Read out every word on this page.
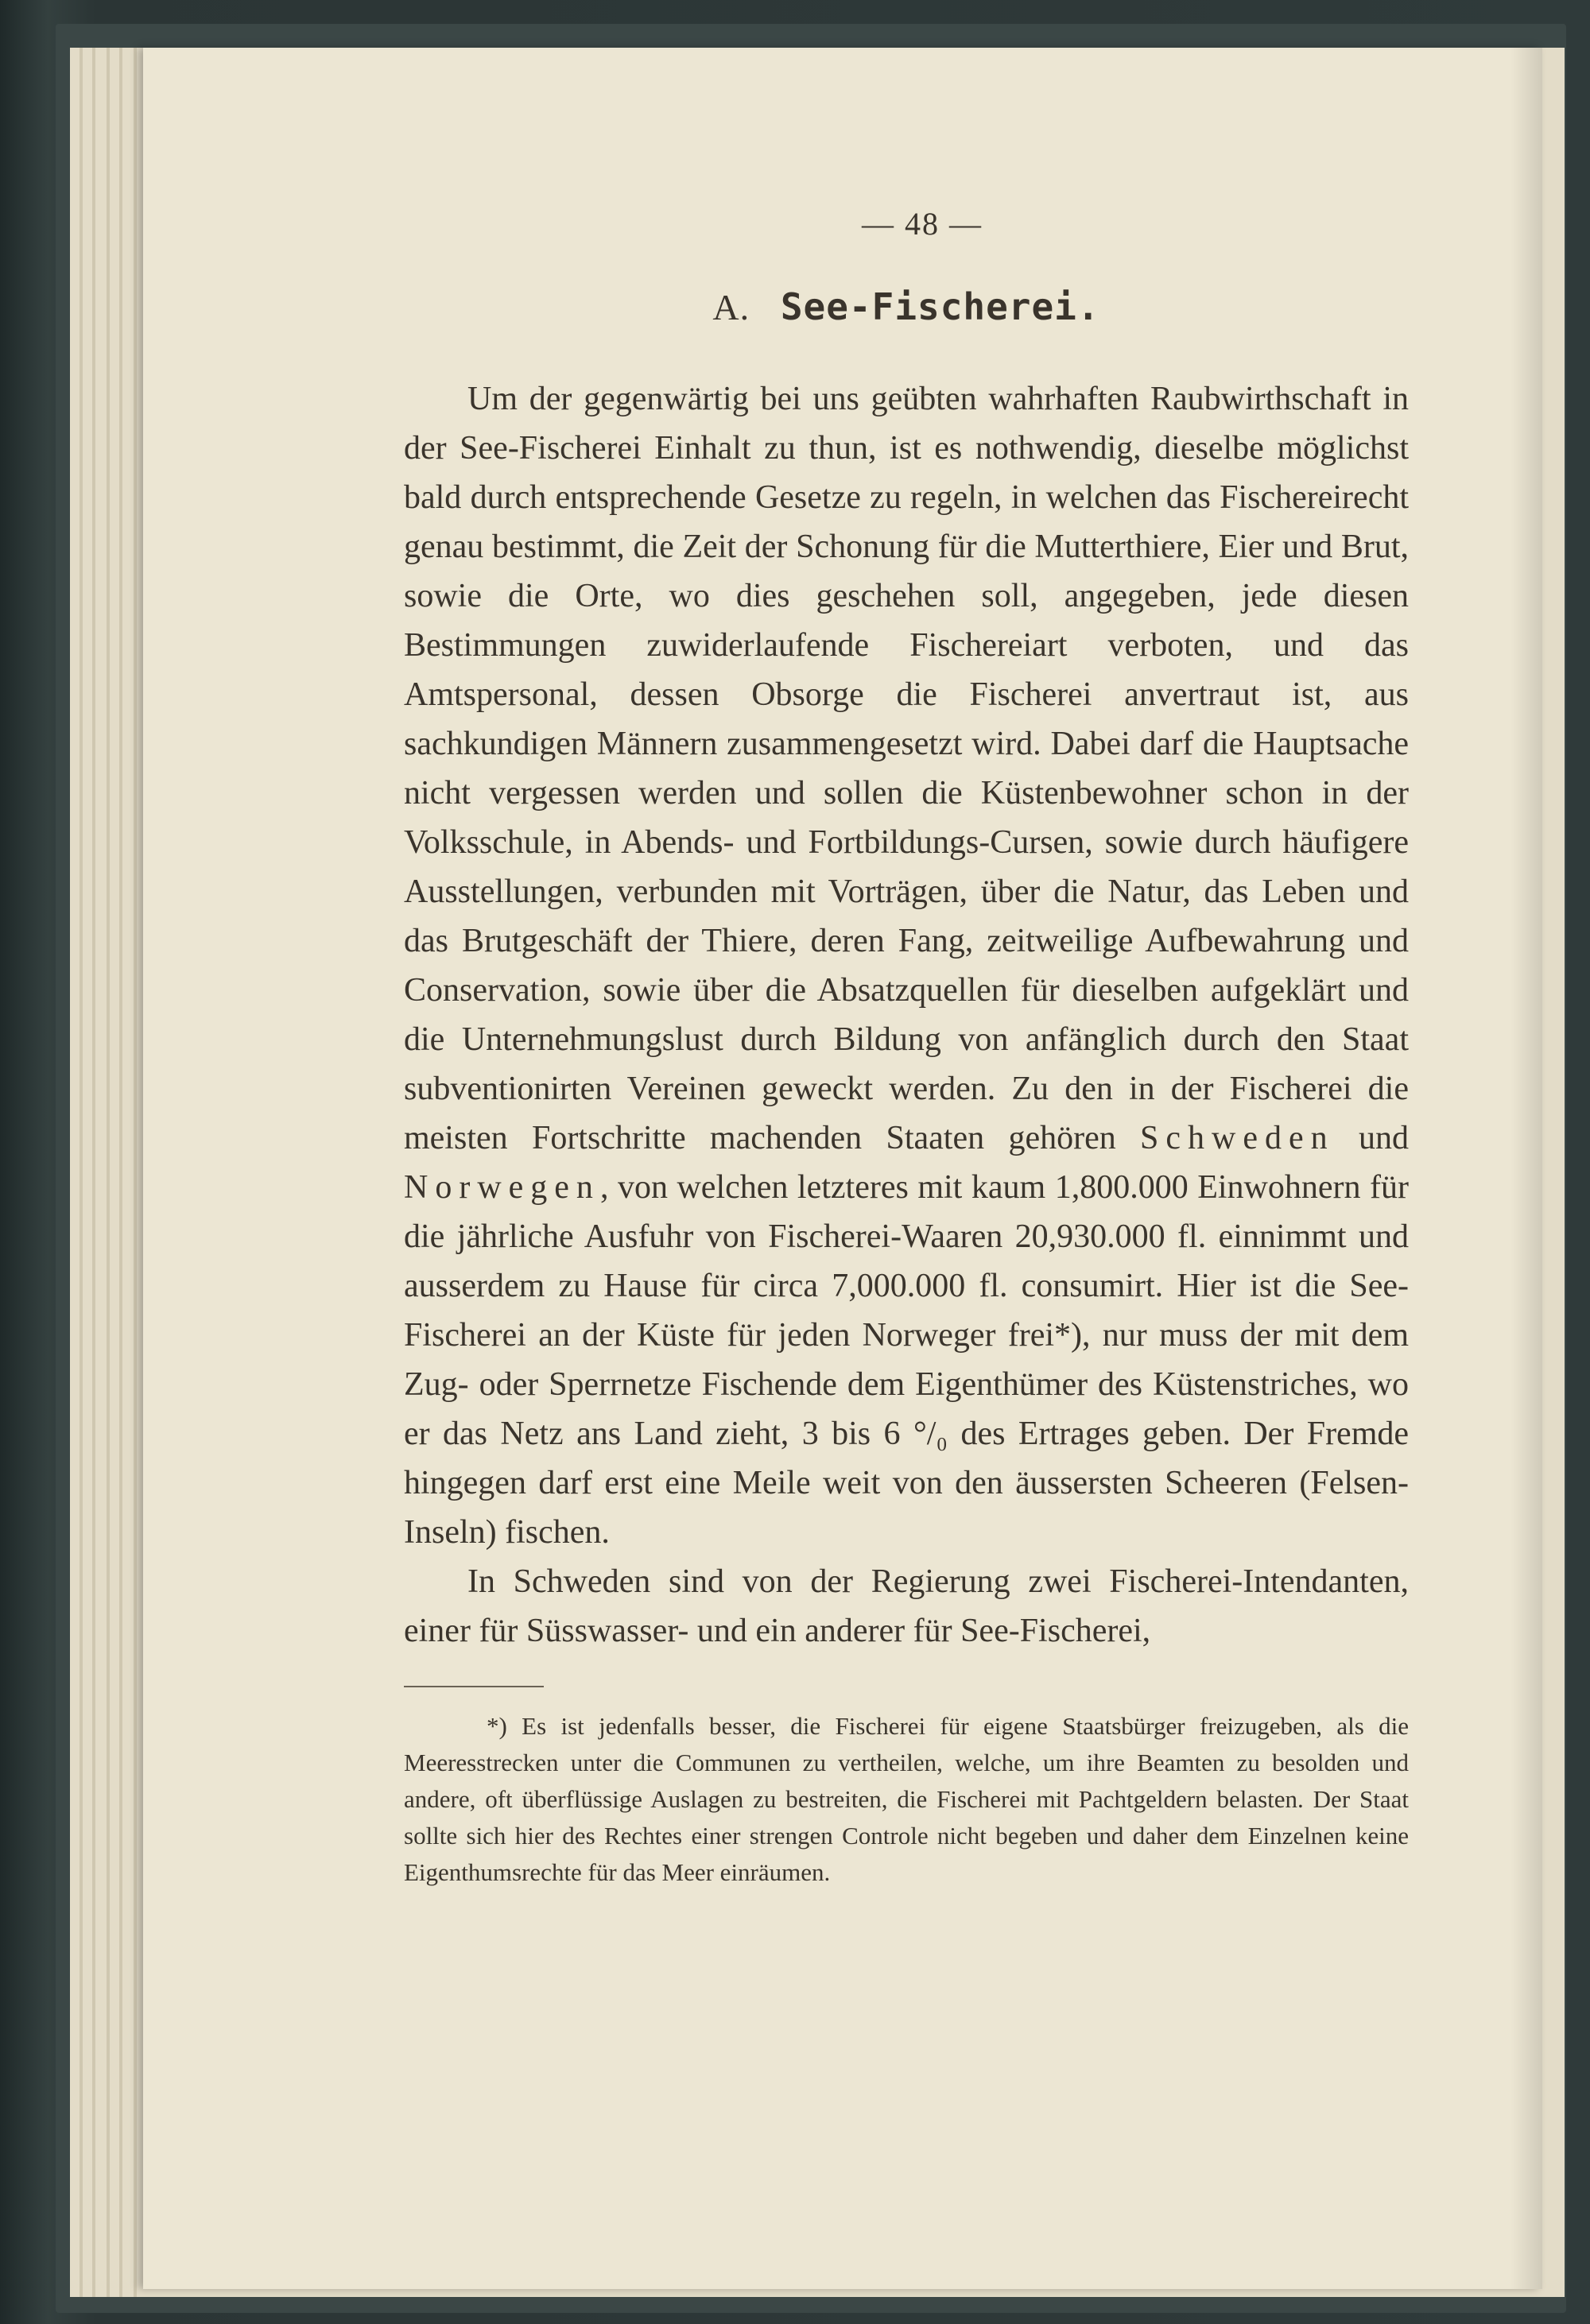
— 48 —
A. See-Fischerei.

Um der gegenwärtig bei uns geübten wahrhaften Raubwirthschaft in der See-Fischerei Einhalt zu thun, ist es nothwendig, dieselbe möglichst bald durch entsprechende Gesetze zu regeln, in welchen das Fischereirecht genau bestimmt, die Zeit der Schonung für die Mutterthiere, Eier und Brut, sowie die Orte, wo dies geschehen soll, angegeben, jede diesen Bestimmungen zuwiderlaufende Fischereiart verboten, und das Amtspersonal, dessen Obsorge die Fischerei anvertraut ist, aus sachkundigen Männern zusammengesetzt wird. Dabei darf die Hauptsache nicht vergessen werden und sollen die Küstenbewohner schon in der Volksschule, in Abends- und Fortbildungs-Cursen, sowie durch häufigere Ausstellungen, verbunden mit Vorträgen, über die Natur, das Leben und das Brutgeschäft der Thiere, deren Fang, zeitweilige Aufbewahrung und Conservation, sowie über die Absatzquellen für dieselben aufgeklärt und die Unternehmungslust durch Bildung von anfänglich durch den Staat subventionirten Vereinen geweckt werden. Zu den in der Fischerei die meisten Fortschritte machenden Staaten gehören Schweden und Norwegen, von welchen letzteres mit kaum 1,800.000 Einwohnern für die jährliche Ausfuhr von Fischerei-Waaren 20,930.000 fl. einnimmt und ausserdem zu Hause für circa 7,000.000 fl. consumirt. Hier ist die See-Fischerei an der Küste für jeden Norweger frei*), nur muss der mit dem Zug- oder Sperrnetze Fischende dem Eigenthümer des Küstenstriches, wo er das Netz ans Land zieht, 3 bis 6 °/₀ des Ertrages geben. Der Fremde hingegen darf erst eine Meile weit von den äussersten Scheeren (Felsen-Inseln) fischen.

In Schweden sind von der Regierung zwei Fischerei-Intendanten, einer für Süsswasser- und ein anderer für See-Fischerei,

*) Es ist jedenfalls besser, die Fischerei für eigene Staatsbürger freizugeben, als die Meeresstrecken unter die Communen zu vertheilen, welche, um ihre Beamten zu besolden und andere, oft überflüssige Auslagen zu bestreiten, die Fischerei mit Pachtgeldern belasten. Der Staat sollte sich hier des Rechtes einer strengen Controle nicht begeben und daher dem Einzelnen keine Eigenthumsrechte für das Meer einräumen.
